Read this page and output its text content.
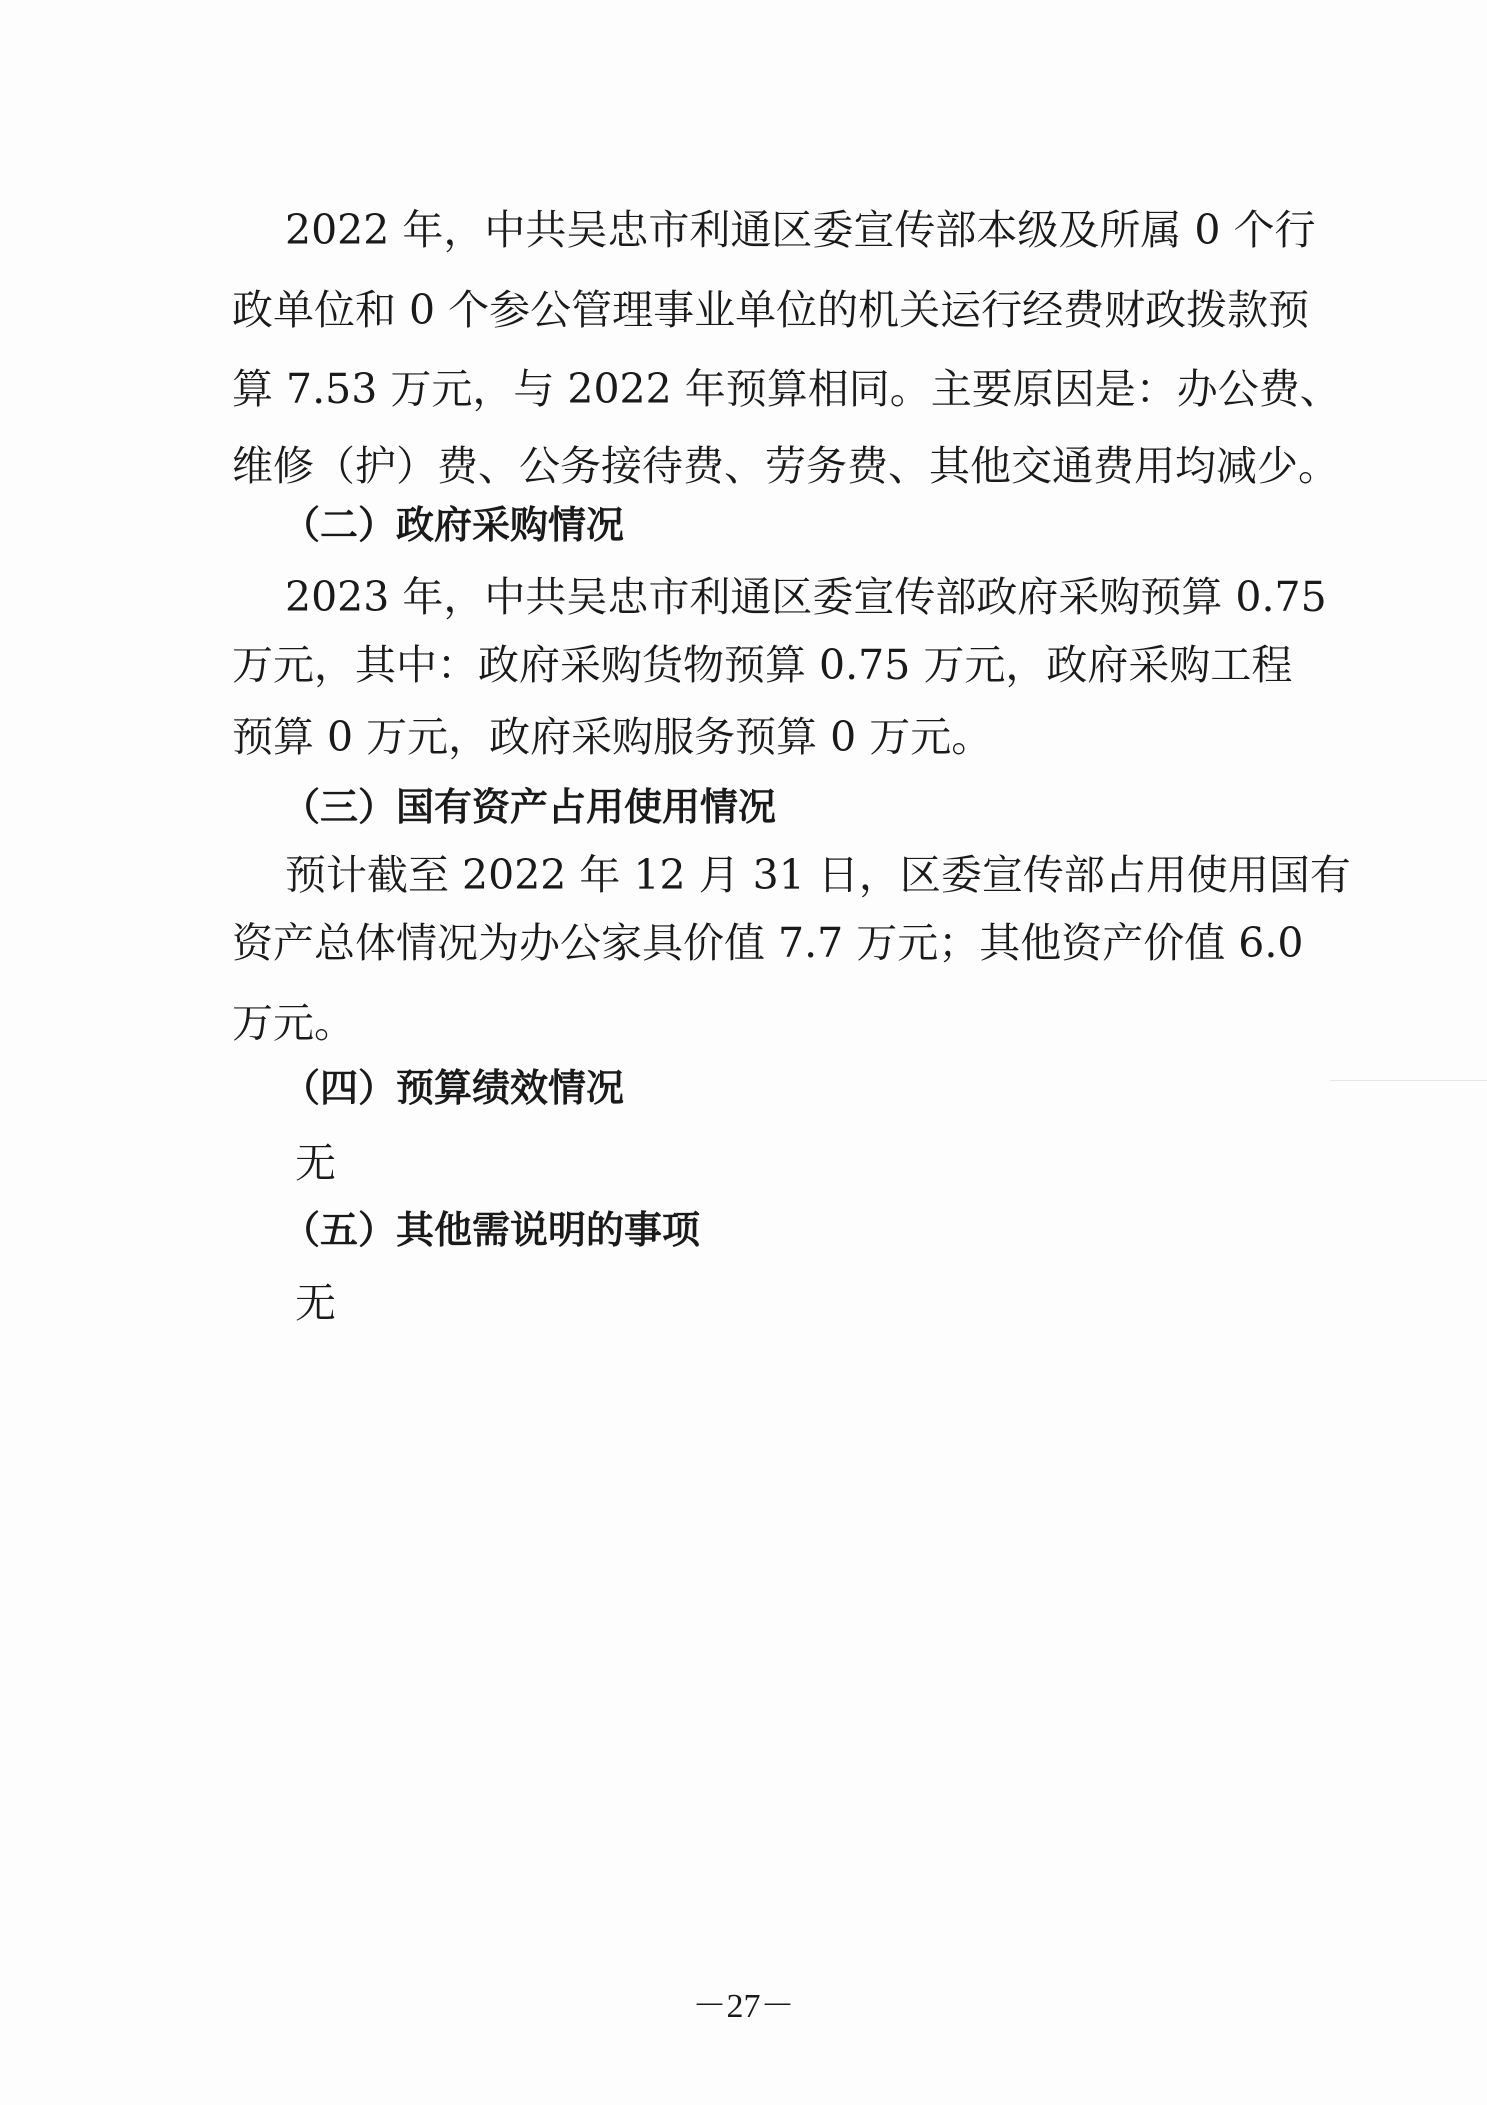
2022 年，中共吴忠市利通区委宣传部本级及所属 0 个行
政单位和 0 个参公管理事业单位的机关运行经费财政拨款预
算 7.53 万元，与 2022 年预算相同。主要原因是：办公费、
维修（护）费、公务接待费、劳务费、其他交通费用均减少。
（二）政府采购情况
2023 年，中共吴忠市利通区委宣传部政府采购预算 0.75
万元，其中：政府采购货物预算 0.75 万元，政府采购工程
预算 0 万元，政府采购服务预算 0 万元。
（三）国有资产占用使用情况
预计截至 2022 年 12 月 31 日，区委宣传部占用使用国有
资产总体情况为办公家具价值 7.7 万元；其他资产价值 6.0
万元。
（四）预算绩效情况
无
（五）其他需说明的事项
无
－27－
